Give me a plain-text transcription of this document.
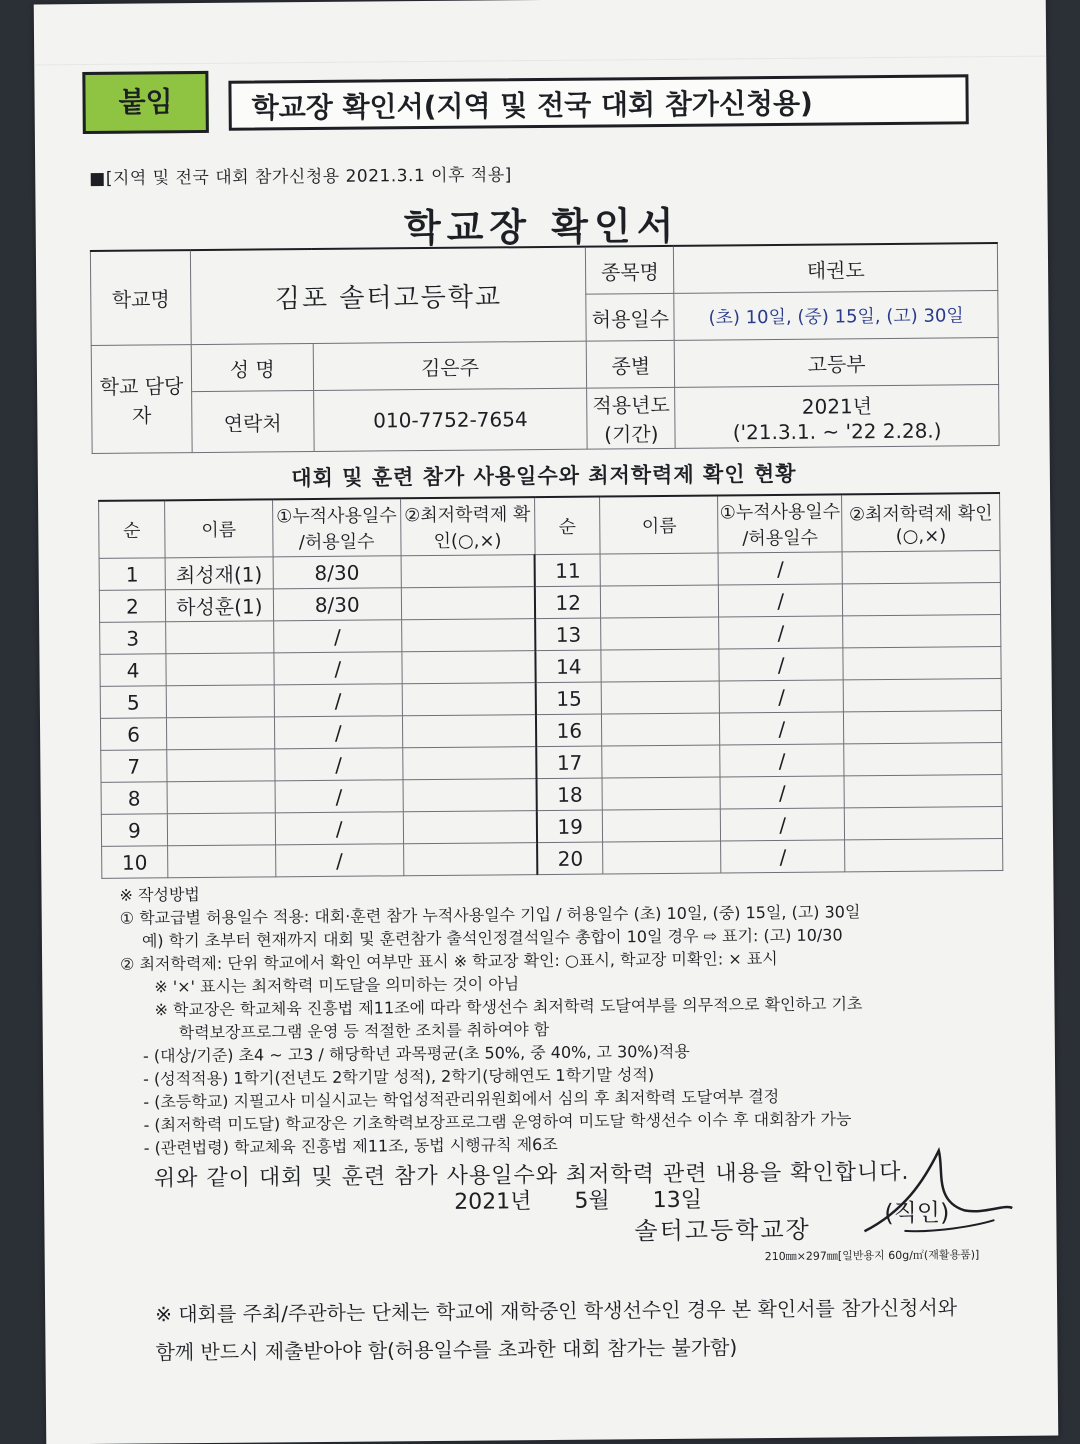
붙임	학교장 확인서(지역 및 전국 대회 참가신청용)
■[지역 및 전국 대회 참가신청용 2021.3.1 이후 적용]
학교장 확인서
학교명	김포 솔터고등학교		종목명	태권도
			허용일수	(초) 10일, (중) 15일, (고) 30일
학교 담당자	성 명	김은주	종별	고등부
	연락처	010-7752-7654	적용년도 (기간)	2021년
('21.3.1. ~ '22 2.28.)
대회 및 훈련 참가 사용일수와 최저학력제 확인 현황
순	이름	①누적사용일수 /허용일수	②최저학력제 확인(○,×)	순	이름	①누적사용일수 /허용일수	②최저학력제 확인(○,×)
1	최성재(1)	8/30		11		/	
2	하성훈(1)	8/30		12		/	
3		/		13		/	
4		/		14		/	
5		/		15		/	
6		/		16		/	
7		/		17		/	
8		/		18		/	
9		/		19		/	
10		/		20		/	
※ 작성방법
① 학교급별 허용일수 적용: 대회·훈련 참가 누적사용일수 기입 / 허용일수 (초) 10일, (중) 15일, (고) 30일
예) 학기 초부터 현재까지 대회 및 훈련참가 출석인정결석일수 총합이 10일 경우 ⇨ 표기: (고) 10/30
② 최저학력제: 단위 학교에서 확인 여부만 표시 ※ 학교장 확인: ○표시, 학교장 미확인: × 표시
※ '×' 표시는 최저학력 미도달을 의미하는 것이 아님
※ 학교장은 학교체육 진흥법 제11조에 따라 학생선수 최저학력 도달여부를 의무적으로 확인하고 기초
학력보장프로그램 운영 등 적절한 조치를 취하여야 함
- (대상/기준) 초4 ~ 고3 / 해당학년 과목평균(초 50%, 중 40%, 고 30%)적용
- (성적적용) 1학기(전년도 2학기말 성적), 2학기(당해연도 1학기말 성적)
- (초등학교) 지필고사 미실시교는 학업성적관리위원회에서 심의 후 최저학력 도달여부 결정
- (최저학력 미도달) 학교장은 기초학력보장프로그램 운영하여 미도달 학생선수 이수 후 대회참가 가능
- (관련법령) 학교체육 진흥법 제11조, 동법 시행규칙 제6조
위와 같이 대회 및 훈련 참가 사용일수와 최저학력 관련 내용을 확인합니다.
2021년 5월 13일
솔터고등학교장
(직인)
210㎜×297㎜[일반용지 60g/㎡(재활용품)]
※ 대회를 주최/주관하는 단체는 학교에 재학중인 학생선수인 경우 본 확인서를 참가신청서와
함께 반드시 제출받아야 함(허용일수를 초과한 대회 참가는 불가함)
